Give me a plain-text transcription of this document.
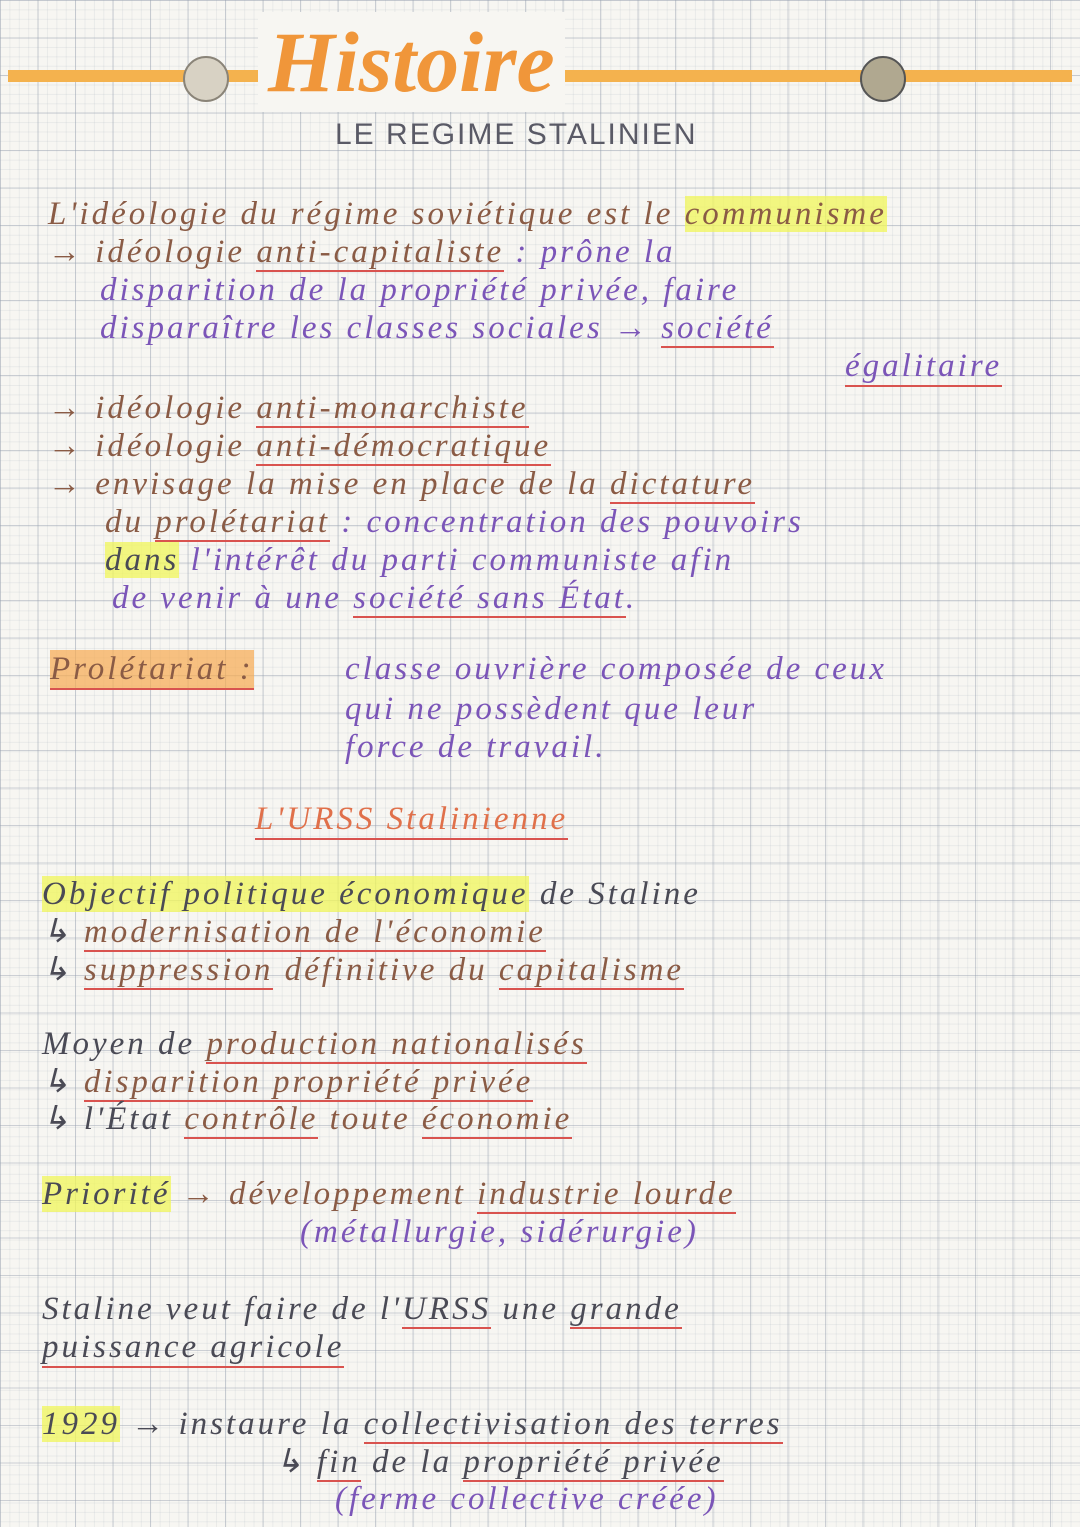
Histoire
LE REGIME STALINIEN
L'idéologie du régime soviétique est le communisme
→ idéologie anti-capitaliste : prône la
disparition de la propriété privée, faire
disparaître les classes sociales → société
égalitaire
→ idéologie anti-monarchiste
→ idéologie anti-démocratique
→ envisage la mise en place de la dictature
du prolétariat : concentration des pouvoirs
dans l'intérêt du parti communiste afin
de venir à une société sans État.
Prolétariat :	classe ouvrière composée de ceux
qui ne possèdent que leur
force de travail.
L'URSS Stalinienne
Objectif politique économique de Staline
↳ modernisation de l'économie
↳ suppression définitive du capitalisme
Moyen de production nationalisés
↳ disparition propriété privée
↳ l'État contrôle toute économie
Priorité → développement industrie lourde
(métallurgie, sidérurgie)
Staline veut faire de l'URSS une grande
puissance agricole
1929 → instaure la collectivisation des terres
↳ fin de la propriété privée
(ferme collective créée)
